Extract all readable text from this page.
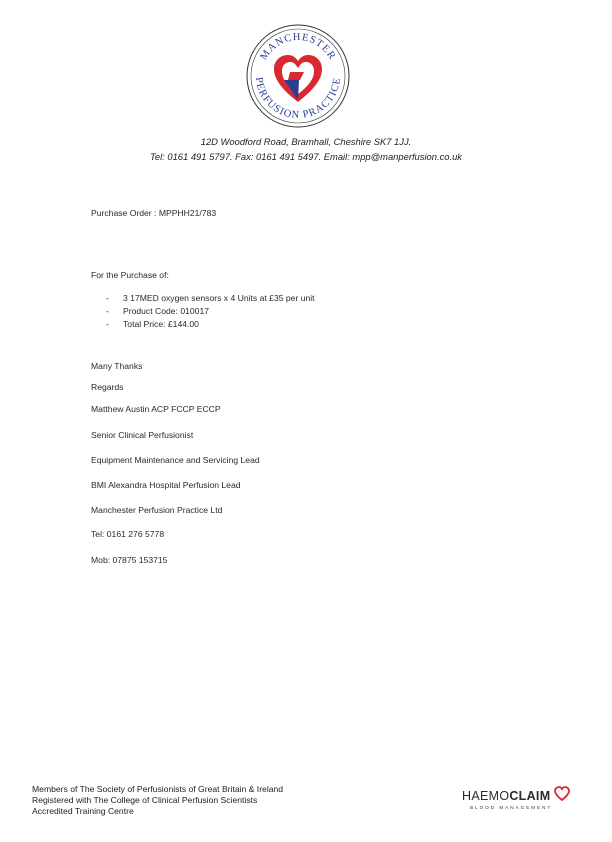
MANCHESTER
PERFUSION PRACTICE
12D Woodford Road, Bramhall, Cheshire SK7 1JJ.
Tel: 0161 491 5797. Fax: 0161 491 5497. Email: mpp@manperfusion.co.uk
Purchase Order : MPPHH21/783
For the Purchase of:
- 3 17MED oxygen sensors x 4 Units at £35 per unit
- Product Code: 010017
- Total Price: £144.00
Many Thanks
Regards
Matthew Austin ACP FCCP ECCP
Senior Clinical Perfusionist
Equipment Maintenance and Servicing Lead
BMI Alexandra Hospital Perfusion Lead
Manchester Perfusion Practice Ltd
Tel: 0161 276 5778
Mob: 07875 153715
Members of The Society of Perfusionists of Great Britain & Ireland
Registered with The College of Clinical Perfusion Scientists
Accredited Training Centre
HAEMOCLAIM
BLOOD MANAGEMENT
